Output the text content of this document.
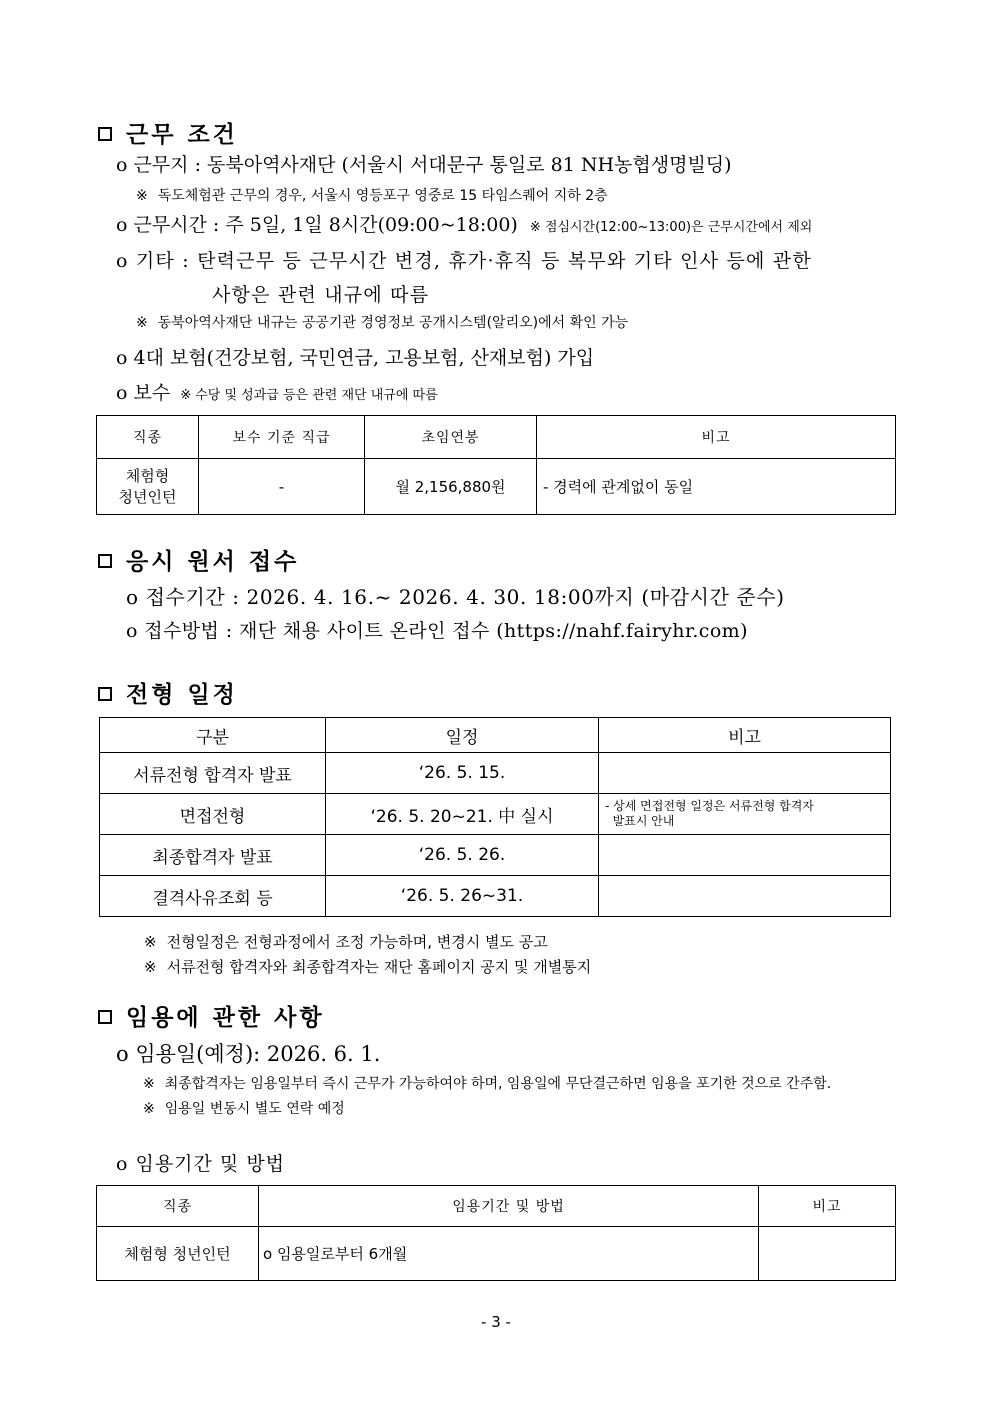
근무 조건
o 근무지 : 동북아역사재단 (서울시 서대문구 통일로 81 NH농협생명빌딩)
※ 독도체험관 근무의 경우, 서울시 영등포구 영중로 15 타임스퀘어 지하 2층
o 근무시간 : 주 5일, 1일 8시간(09:00~18:00) ※ 점심시간(12:00~13:00)은 근무시간에서 제외
o 기타 : 탄력근무 등 근무시간 변경, 휴가·휴직 등 복무와 기타 인사 등에 관한
사항은 관련 내규에 따름
※ 동북아역사재단 내규는 공공기관 경영정보 공개시스템(알리오)에서 확인 가능
o 4대 보험(건강보험, 국민연금, 고용보험, 산재보험) 가입
o 보수 ※ 수당 및 성과급 등은 관련 재단 내규에 따름
직종	보수 기준 직급	초임연봉	비고

체험형
청년인턴	-	월 2,156,880원	- 경력에 관계없이 동일
응시 원서 접수
o 접수기간 : 2026. 4. 16.~ 2026. 4. 30. 18:00까지 (마감시간 준수)
o 접수방법 : 재단 채용 사이트 온라인 접수 (https://nahf.fairyhr.com)
전형 일정
구분	일정	비고
서류전형 합격자 발표	‘26. 5. 15.	
면접전형	‘26. 5. 20~21. 中 실시	- 상세 면접전형 일정은 서류전형 합격자
발표시 안내
최종합격자 발표	‘26. 5. 26.	
결격사유조회 등	‘26. 5. 26~31.	
※ 전형일정은 전형과정에서 조정 가능하며, 변경시 별도 공고
※ 서류전형 합격자와 최종합격자는 재단 홈페이지 공지 및 개별통지
임용에 관한 사항
o 임용일(예정): 2026. 6. 1.
※ 최종합격자는 임용일부터 즉시 근무가 가능하여야 하며, 임용일에 무단결근하면 임용을 포기한 것으로 간주함.
※ 임용일 변동시 별도 연락 예정
o 임용기간 및 방법
직종	임용기간 및 방법	비고
체험형 청년인턴	o 임용일로부터 6개월	
- 3 -
